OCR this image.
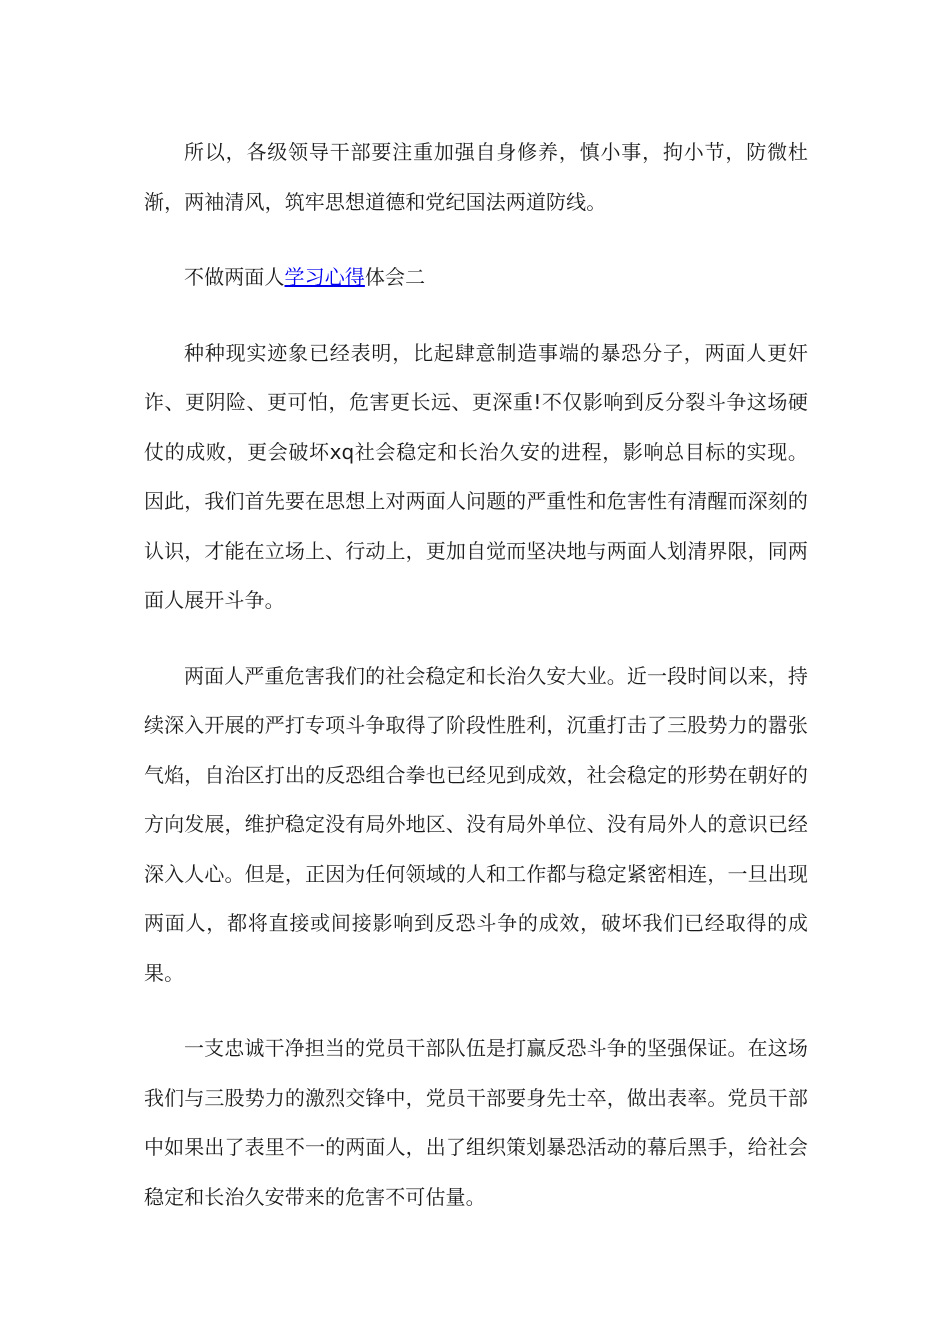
所以，各级领导干部要注重加强自身修养，慎小事，拘小节，防微杜渐，两袖清风，筑牢思想道德和党纪国法两道防线。

不做两面人学习心得体会二

种种现实迹象已经表明，比起肆意制造事端的暴恐分子，两面人更奸诈、更阴险、更可怕，危害更长远、更深重!不仅影响到反分裂斗争这场硬仗的成败，更会破坏xq社会稳定和长治久安的进程，影响总目标的实现。因此，我们首先要在思想上对两面人问题的严重性和危害性有清醒而深刻的认识，才能在立场上、行动上，更加自觉而坚决地与两面人划清界限，同两面人展开斗争。

两面人严重危害我们的社会稳定和长治久安大业。近一段时间以来，持续深入开展的严打专项斗争取得了阶段性胜利，沉重打击了三股势力的嚣张气焰，自治区打出的反恐组合拳也已经见到成效，社会稳定的形势在朝好的方向发展，维护稳定没有局外地区、没有局外单位、没有局外人的意识已经深入人心。但是，正因为任何领域的人和工作都与稳定紧密相连，一旦出现两面人，都将直接或间接影响到反恐斗争的成效，破坏我们已经取得的成果。

一支忠诚干净担当的党员干部队伍是打赢反恐斗争的坚强保证。在这场我们与三股势力的激烈交锋中，党员干部要身先士卒，做出表率。党员干部中如果出了表里不一的两面人，出了组织策划暴恐活动的幕后黑手，给社会稳定和长治久安带来的危害不可估量。
